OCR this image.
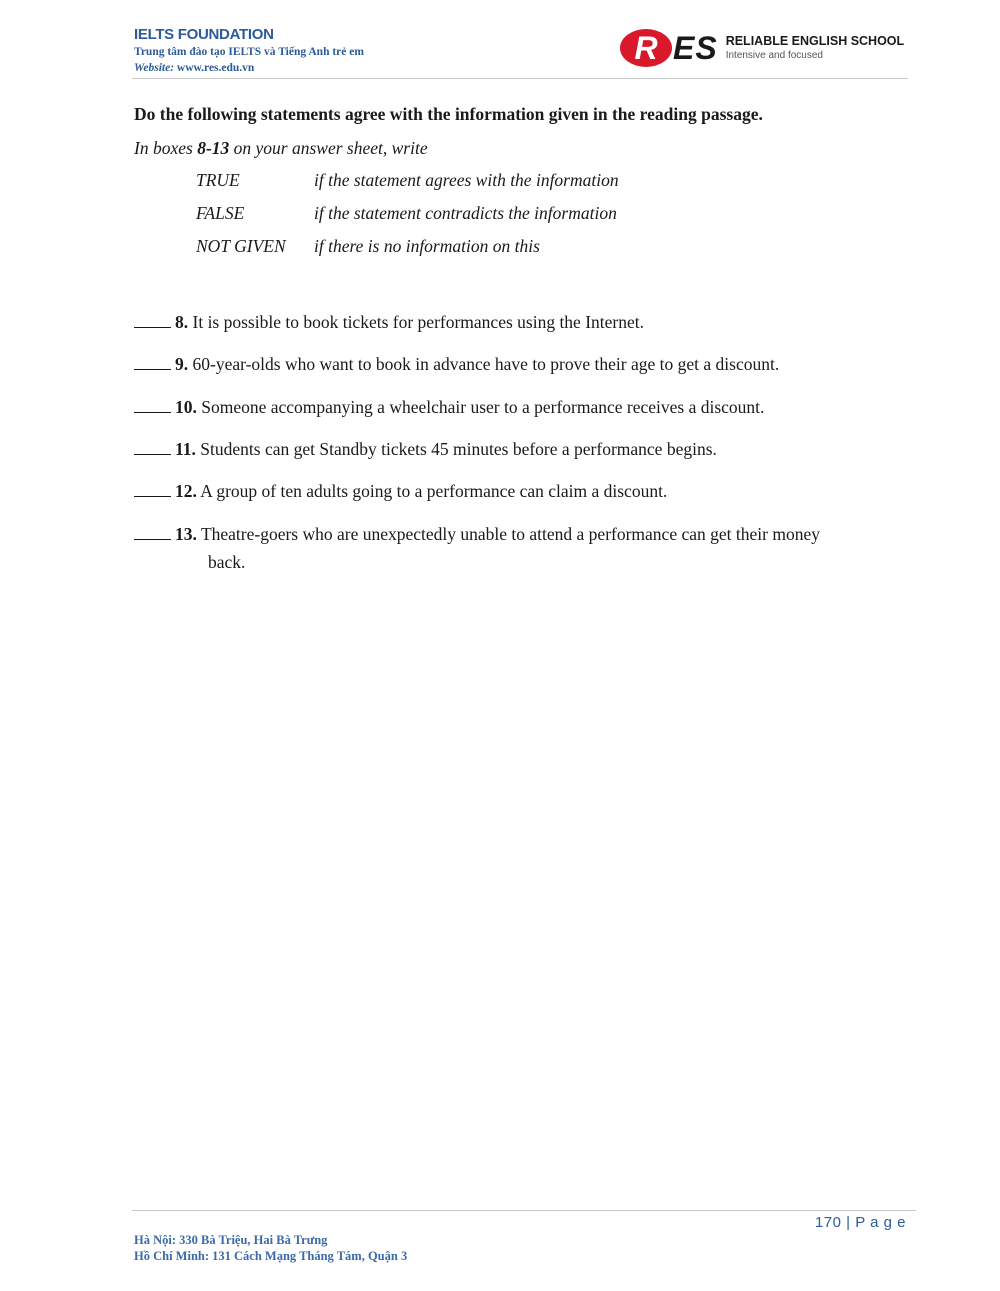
IELTS FOUNDATION
Trung tâm đào tạo IELTS và Tiếng Anh trẻ em
Website: www.res.edu.vn
R ES RELIABLE ENGLISH SCHOOL
Intensive and focused
Do the following statements agree with the information given in the reading passage.
In boxes 8-13 on your answer sheet, write
TRUE	if the statement agrees with the information
FALSE	if the statement contradicts the information
NOT GIVEN	if there is no information on this
8. It is possible to book tickets for performances using the Internet.
9. 60-year-olds who want to book in advance have to prove their age to get a discount.
10. Someone accompanying a wheelchair user to a performance receives a discount.
11. Students can get Standby tickets 45 minutes before a performance begins.
12. A group of ten adults going to a performance can claim a discount.
13. Theatre-goers who are unexpectedly unable to attend a performance can get their money
back.
170 | P a g e
Hà Nội: 330 Bà Triệu, Hai Bà Trưng
Hồ Chí Minh: 131 Cách Mạng Tháng Tám, Quận 3
